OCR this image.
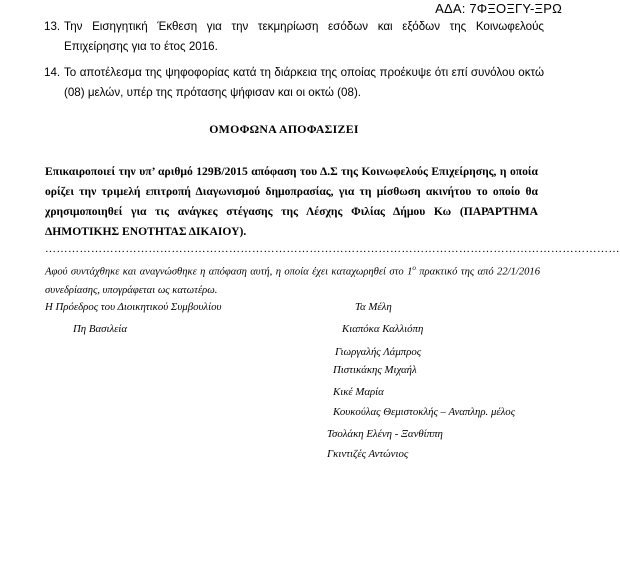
ΑΔΑ: 7ΦΞΟΞΓΥ-ΞΡΩ
13. Την Εισηγητική Έκθεση για την τεκμηρίωση εσόδων και εξόδων της Κοινωφελούς Επιχείρησης για το έτος 2016.
14. Το αποτέλεσμα της ψηφοφορίας κατά τη διάρκεια της οποίας προέκυψε ότι επί συνόλου οκτώ (08) μελών, υπέρ της πρότασης ψήφισαν και οι οκτώ (08).
ΟΜΟΦΩΝΑ ΑΠΟΦΑΣΙΖΕΙ
Επικαιροποιεί την υπ’ αριθμό 129Β/2015 απόφαση του Δ.Σ της Κοινωφελούς Επιχείρησης, η οποία ορίζει την τριμελή επιτροπή Διαγωνισμού δημοπρασίας, για τη μίσθωση ακινήτου το οποίο θα χρησιμοποιηθεί για τις ανάγκες στέγασης της Λέσχης Φιλίας Δήμου Κω (ΠΑΡΑΡΤΗΜΑ ΔΗΜΟΤΙΚΗΣ ΕΝΟΤΗΤΑΣ ΔΙΚΑΙΟΥ).
……………………………………………………………………………………………………………………………………
Αφού συντάχθηκε και αναγνώσθηκε η απόφαση αυτή, η οποία έχει καταχωρηθεί στο $1^o$ πρακτικό της από 22/1/2016 συνεδρίασης, υπογράφεται ως κατωτέρω.
Η Πρόεδρος του Διοικητικού Συμβουλίου	Τα Μέλη
Πη Βασιλεία	Κιαπόκα Καλλιόπη
Γιωργαλής Λάμπρος
Πιστικάκης Μιχαήλ
Κικέ Μαρία
Κουκούλας Θεμιστοκλής – Αναπληρ. μέλος
Τσολάκη Ελένη - Ξανθίππη
Γκιντιζές Αντώνιος
